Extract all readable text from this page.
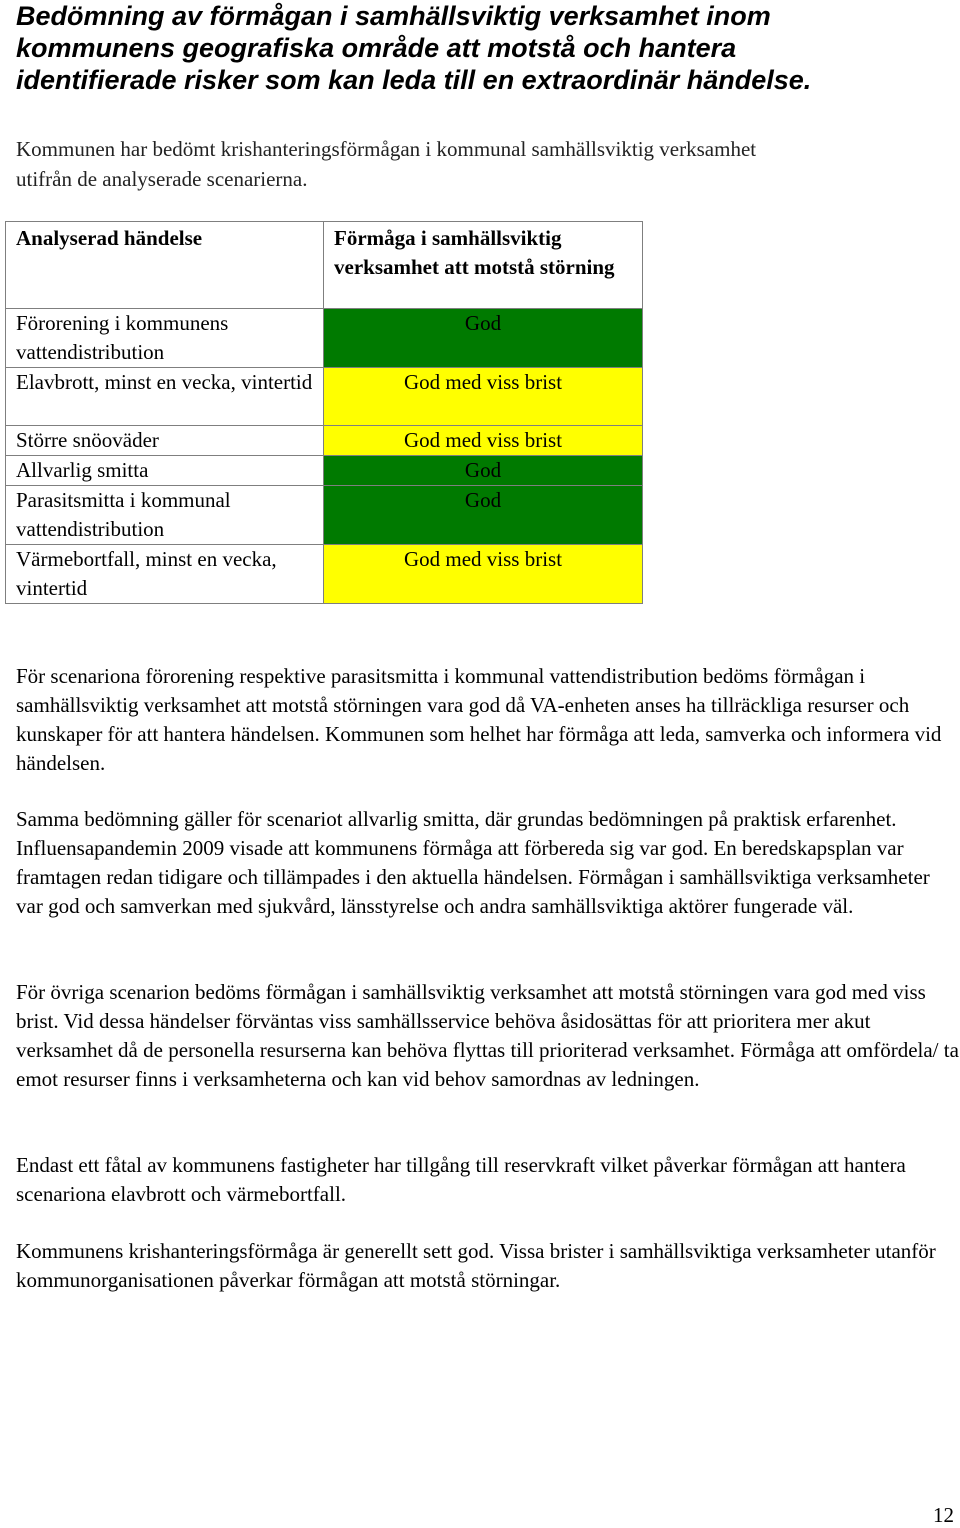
Bedömning av förmågan i samhällsviktig verksamhet inom
kommunens geografiska område att motstå och hantera
identifierade risker som kan leda till en extraordinär händelse.

Kommunen har bedömt krishanteringsförmågan i kommunal samhällsviktig verksamhet
utifrån de analyserade scenarierna.

Analyserad händelse	Förmåga i samhällsviktig verksamhet att motstå störning
Förorening i kommunens vattendistribution	God
Elavbrott, minst en vecka, vintertid	God med viss brist
Större snöoväder	God med viss brist
Allvarlig smitta	God
Parasitsmitta i kommunal vattendistribution	God
Värmebortfall, minst en vecka, vintertid	God med viss brist

För scenariona förorening respektive parasitsmitta i kommunal vattendistribution bedöms förmågan i samhällsviktig verksamhet att motstå störningen vara god då VA-enheten anses ha tillräckliga resurser och kunskaper för att hantera händelsen. Kommunen som helhet har förmåga att leda, samverka och informera vid händelsen.

Samma bedömning gäller för scenariot allvarlig smitta, där grundas bedömningen på praktisk erfarenhet. Influensapandemin 2009 visade att kommunens förmåga att förbereda sig var god. En beredskapsplan var framtagen redan tidigare och tillämpades i den aktuella händelsen. Förmågan i samhällsviktiga verksamheter var god och samverkan med sjukvård, länsstyrelse och andra samhällsviktiga aktörer fungerade väl.

För övriga scenarion bedöms förmågan i samhällsviktig verksamhet att motstå störningen vara god med viss brist. Vid dessa händelser förväntas viss samhällsservice behöva åsidosättas för att prioritera mer akut verksamhet då de personella resurserna kan behöva flyttas till prioriterad verksamhet. Förmåga att omfördela/ ta emot resurser finns i verksamheterna och kan vid behov samordnas av ledningen.

Endast ett fåtal av kommunens fastigheter har tillgång till reservkraft vilket påverkar förmågan att hantera scenariona elavbrott och värmebortfall.

Kommunens krishanteringsförmåga är generellt sett god. Vissa brister i samhällsviktiga verksamheter utanför kommunorganisationen påverkar förmågan att motstå störningar.

12
